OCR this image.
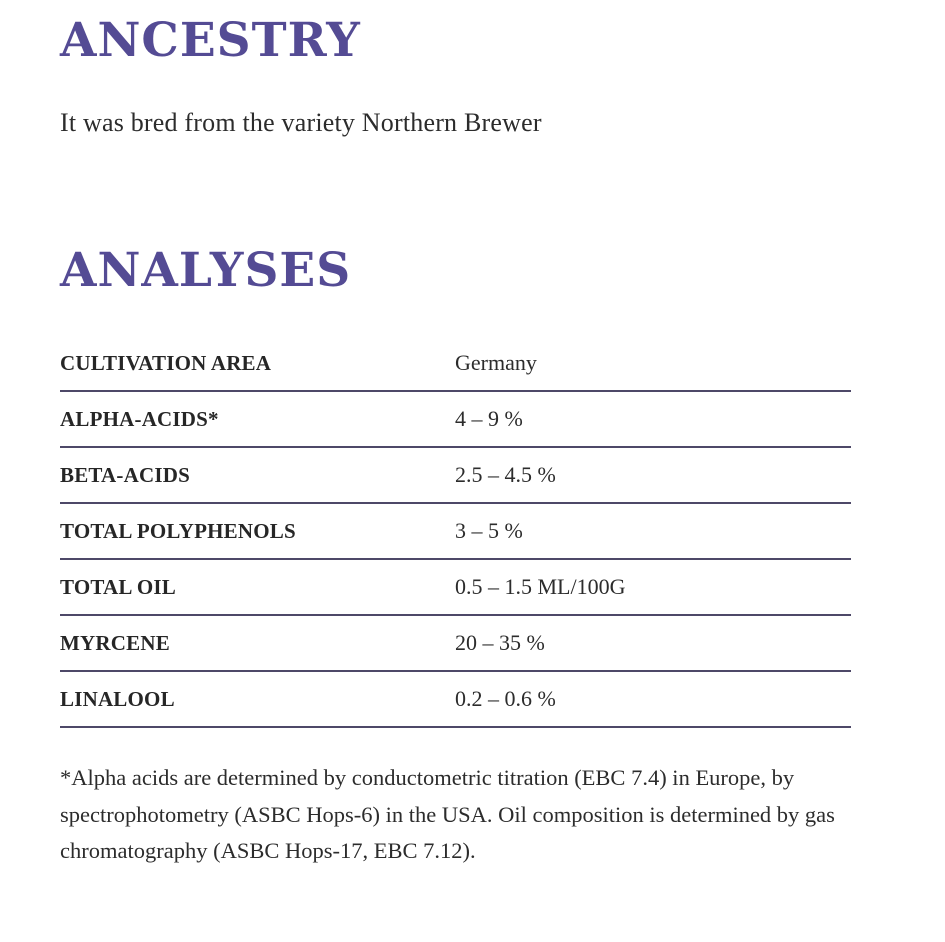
ANCESTRY
It was bred from the variety Northern Brewer
ANALYSES
CULTIVATION AREA	Germany
ALPHA-ACIDS*	4 – 9 %
BETA-ACIDS	2.5 – 4.5 %
TOTAL POLYPHENOLS	3 – 5 %
TOTAL OIL	0.5 – 1.5 ML/100G
MYRCENE	20 – 35 %
LINALOOL	0.2 – 0.6 %
*Alpha acids are determined by conductometric titration (EBC 7.4) in Europe, by spectrophotometry (ASBC Hops-6) in the USA. Oil composition is determined by gas chromatography (ASBC Hops-17, EBC 7.12).
